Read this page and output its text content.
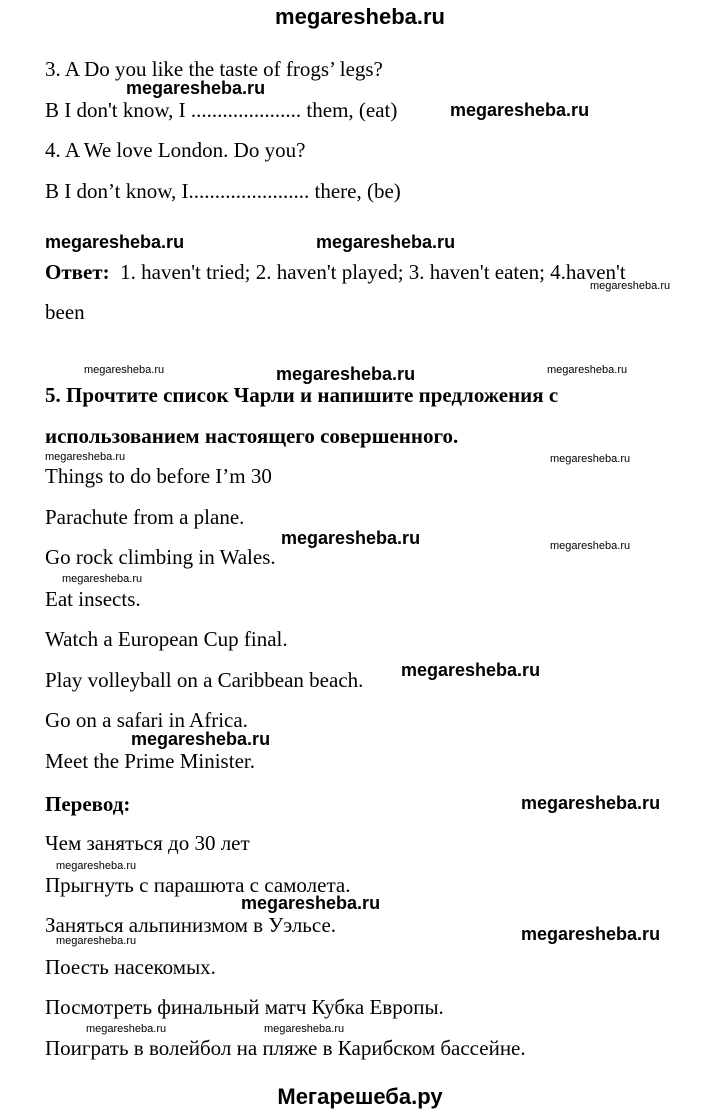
megaresheba.ru
3. A Do you like the taste of frogs’ legs?
B I don't know, I ..................... them, (eat)
4. A We love London. Do you?
B I don’t know, I....................... there, (be)
Ответ: 1. haven't tried; 2. haven't played; 3. haven't eaten; 4.haven't
been
5. Прочтите список Чарли и напишите предложения с
использованием настоящего совершенного.
Things to do before I’m 30
Parachute from a plane.
Go rock climbing in Wales.
Eat insects.
Watch a European Cup final.
Play volleyball on a Caribbean beach.
Go on a safari in Africa.
Meet the Prime Minister.
Перевод:
Чем заняться до 30 лет
Прыгнуть с парашюта с самолета.
Заняться альпинизмом в Уэльсе.
Поесть насекомых.
Посмотреть финальный матч Кубка Европы.
Поиграть в волейбол на пляже в Карибском бассейне.
megaresheba.ru
megaresheba.ru
megaresheba.ru	megaresheba.ru
megaresheba.ru
megaresheba.ru	megaresheba.ru	megaresheba.ru
megaresheba.ru	megaresheba.ru
megaresheba.ru	megaresheba.ru
megaresheba.ru
megaresheba.ru
megaresheba.ru
megaresheba.ru
megaresheba.ru
megaresheba.ru
megaresheba.ru
megaresheba.ru
megaresheba.ru	megaresheba.ru
Мегарешеба.ру
